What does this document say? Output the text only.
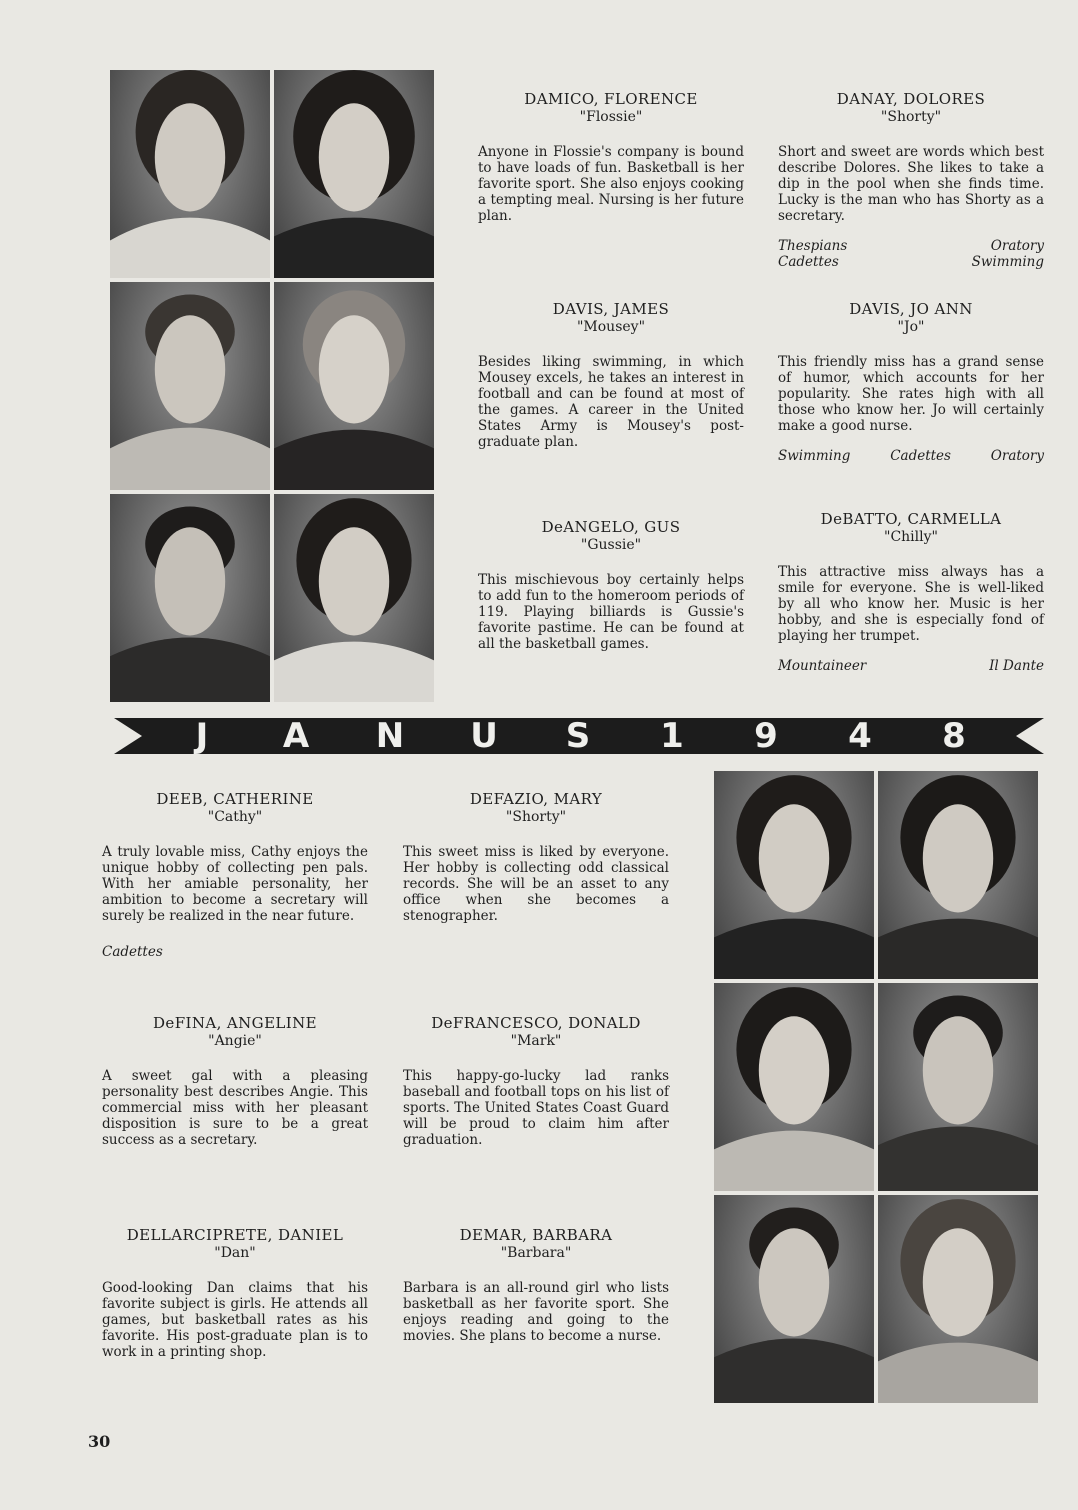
DAMICO, FLORENCE
"Flossie"

Anyone in Flossie's company is bound to have loads of fun. Basketball is her favorite sport. She also enjoys cooking a tempting meal. Nursing is her future plan.

DANAY, DOLORES
"Shorty"

Short and sweet are words which best describe Dolores. She likes to take a dip in the pool when she finds time. Lucky is the man who has Shorty as a secretary.

Thespians	Oratory
Cadettes	Swimming
DAVIS, JAMES
"Mousey"

Besides liking swimming, in which Mousey excels, he takes an interest in football and can be found at most of the games. A career in the United States Army is Mousey's post-graduate plan.

DAVIS, JO ANN
"Jo"

This friendly miss has a grand sense of humor, which accounts for her popularity. She rates high with all those who know her. Jo will certainly make a good nurse.

Swimming	Cadettes	Oratory
DeANGELO, GUS
"Gussie"

This mischievous boy certainly helps to add fun to the homeroom periods of 119. Playing billiards is Gussie's favorite pastime. He can be found at all the basketball games.

DeBATTO, CARMELLA
"Chilly"

This attractive miss always has a smile for everyone. She is well-liked by all who know her. Music is her hobby, and she is especially fond of playing her trumpet.

Mountaineer	Il Dante
J	A	N	U	S	1	9	4	8
DEEB, CATHERINE
"Cathy"

A truly lovable miss, Cathy enjoys the unique hobby of collecting pen pals. With her amiable personality, her ambition to become a secretary will surely be realized in the near future.

Cadettes
DEFAZIO, MARY
"Shorty"

This sweet miss is liked by everyone. Her hobby is collecting odd classical records. She will be an asset to any office when she becomes a stenographer.

DeFINA, ANGELINE
"Angie"

A sweet gal with a pleasing personality best describes Angie. This commercial miss with her pleasant disposition is sure to be a great success as a secretary.

DeFRANCESCO, DONALD
"Mark"

This happy-go-lucky lad ranks baseball and football tops on his list of sports. The United States Coast Guard will be proud to claim him after graduation.

DELLARCIPRETE, DANIEL
"Dan"

Good-looking Dan claims that his favorite subject is girls. He attends all games, but basketball rates as his favorite. His post-graduate plan is to work in a printing shop.

DEMAR, BARBARA
"Barbara"

Barbara is an all-round girl who lists basketball as her favorite sport. She enjoys reading and going to the movies. She plans to become a nurse.

30
